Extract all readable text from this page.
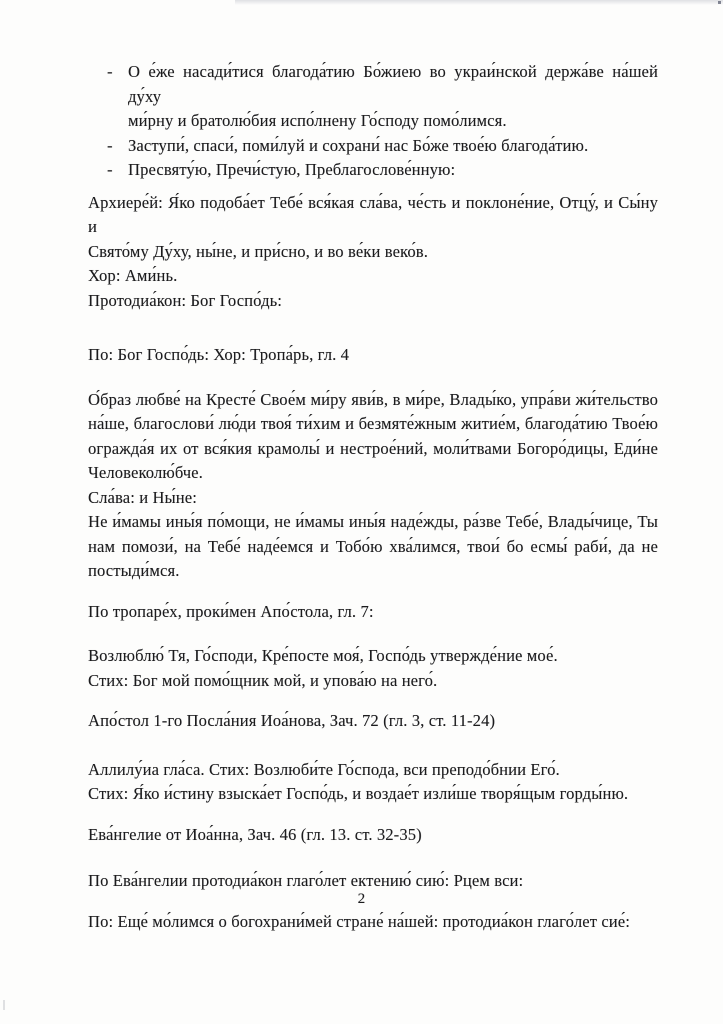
- О е́же насади́тися благода́тию Бо́жиею во украи́нской держа́ве на́шей ду́ху
ми́рну и братолю́бия испо́лнену Го́споду помо́лимся.
- Заступи́, спаси́, поми́луй и сохрани́ нас Бо́же твое́ю благода́тию.
- Пресвяту́ю, Пречи́стую, Преблагослове́нную:
Архиере́й: Я́ко подоба́ет Тебе́ вся́кая сла́ва, че́сть и поклоне́ние, Отцу́, и Сы́ну и
Свято́му Ду́ху, ны́не, и при́сно, и во ве́ки веко́в.
Хор: Ами́нь.
Протодиа́кон: Бог Госпо́дь:
По: Бог Госпо́дь: Хор: Тропа́рь, гл. 4
О́браз любве́ на Кресте́ Свое́м ми́ру яви́в, в ми́ре, Влады́ко, упра́ви жи́тельство
на́ше, благослови́ лю́ди твоя́ ти́хим и безмяте́жным житие́м, благода́тию Твое́ю
огражда́я их от вся́кия крамолы́ и нестрое́ний, моли́твами Богоро́дицы, Еди́не
Человеколю́бче.
Сла́ва: и Ны́не:
Не и́мамы ины́я по́мощи, не и́мамы ины́я наде́жды, ра́зве Тебе́, Влады́чице, Ты
нам помози́, на Тебе́ наде́емся и Тобо́ю хва́лимся, твои́ бо есмы́ раби́, да не
постыди́мся.
По тропаре́х, проки́мен Апо́стола, гл. 7:
Возлюблю́ Тя, Го́споди, Кре́посте моя́, Госпо́дь утвержде́ние мое́.
Стих: Бог мой помо́щник мой, и упова́ю на него́.
Апо́стол 1-го Посла́ния Иоа́нова, Зач. 72 (гл. 3, ст. 11-24)
Аллилу́иа гла́са. Стих: Возлюби́те Го́спода, вси преподо́бнии Его́.
Стих: Я́ко и́стину взыска́ет Госпо́дь, и воздае́т изли́ше творя́щым горды́ню.
Ева́нгелие от Иоа́нна, Зач. 46 (гл. 13. ст. 32-35)
По Ева́нгелии протодиа́кон глаго́лет ектению́ сию́: Рцем вси:
По: Еще́ мо́лимся о богохрани́мей стране́ на́шей: протодиа́кон глаго́лет сие́:
2
